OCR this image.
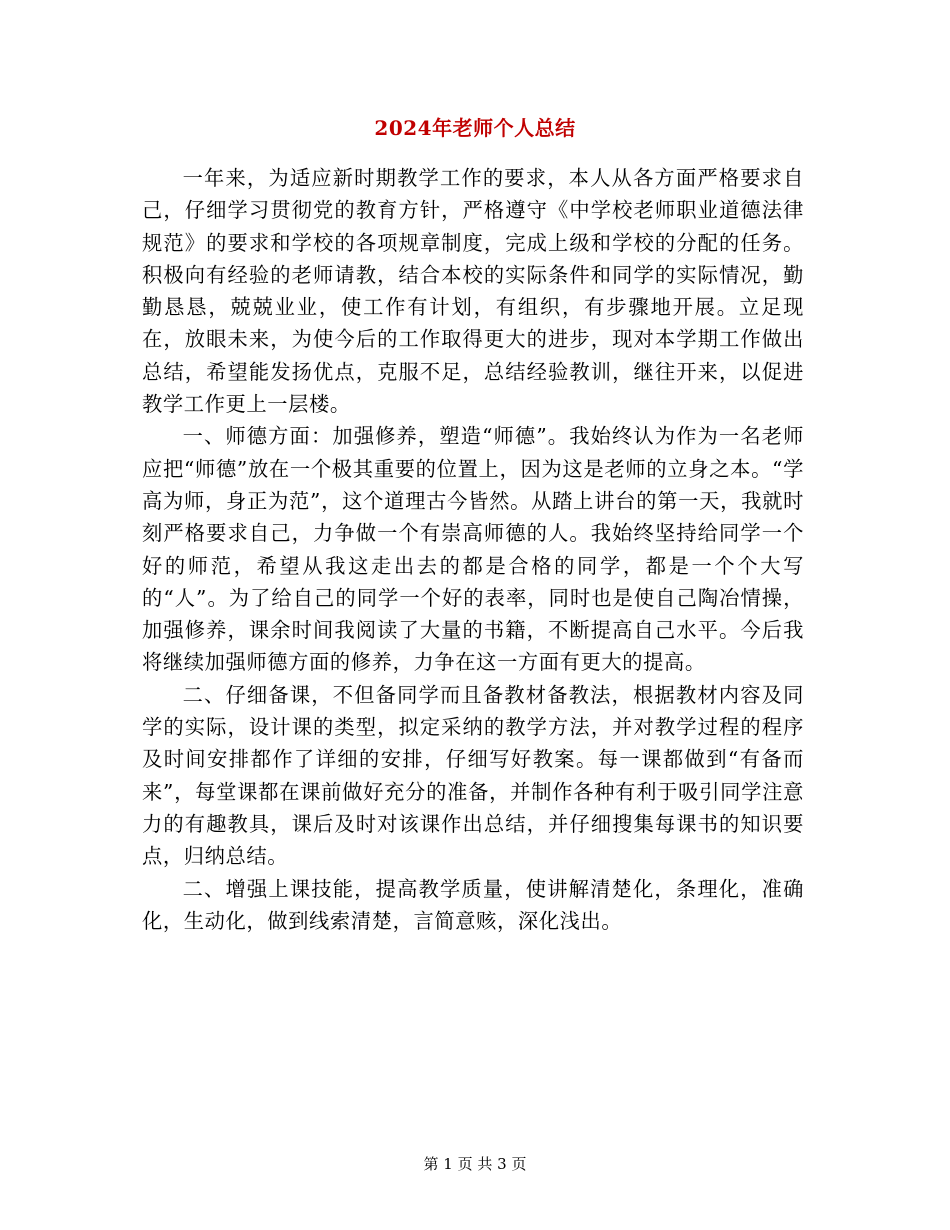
2024年老师个人总结

一年来，为适应新时期教学工作的要求，本人从各方面严格要求自己，仔细学习贯彻党的教育方针，严格遵守《中学校老师职业道德法律规范》的要求和学校的各项规章制度，完成上级和学校的分配的任务。积极向有经验的老师请教，结合本校的实际条件和同学的实际情况，勤勤恳恳，兢兢业业，使工作有计划，有组织，有步骤地开展。立足现在，放眼未来，为使今后的工作取得更大的进步，现对本学期工作做出总结，希望能发扬优点，克服不足，总结经验教训，继往开来，以促进教学工作更上一层楼。

一、师德方面：加强修养，塑造“师德”。我始终认为作为一名老师应把“师德”放在一个极其重要的位置上，因为这是老师的立身之本。“学高为师，身正为范”，这个道理古今皆然。从踏上讲台的第一天，我就时刻严格要求自己，力争做一个有崇高师德的人。我始终坚持给同学一个好的师范，希望从我这走出去的都是合格的同学，都是一个个大写的“人”。为了给自己的同学一个好的表率，同时也是使自己陶冶情操，加强修养，课余时间我阅读了大量的书籍，不断提高自己水平。今后我将继续加强师德方面的修养，力争在这一方面有更大的提高。

二、仔细备课，不但备同学而且备教材备教法，根据教材内容及同学的实际，设计课的类型，拟定采纳的教学方法，并对教学过程的程序及时间安排都作了详细的安排，仔细写好教案。每一课都做到“有备而来”，每堂课都在课前做好充分的准备，并制作各种有利于吸引同学注意力的有趣教具，课后及时对该课作出总结，并仔细搜集每课书的知识要点，归纳总结。

二、增强上课技能，提高教学质量，使讲解清楚化，条理化，准确化，生动化，做到线索清楚，言简意赅，深化浅出。

第 1 页 共 3 页
